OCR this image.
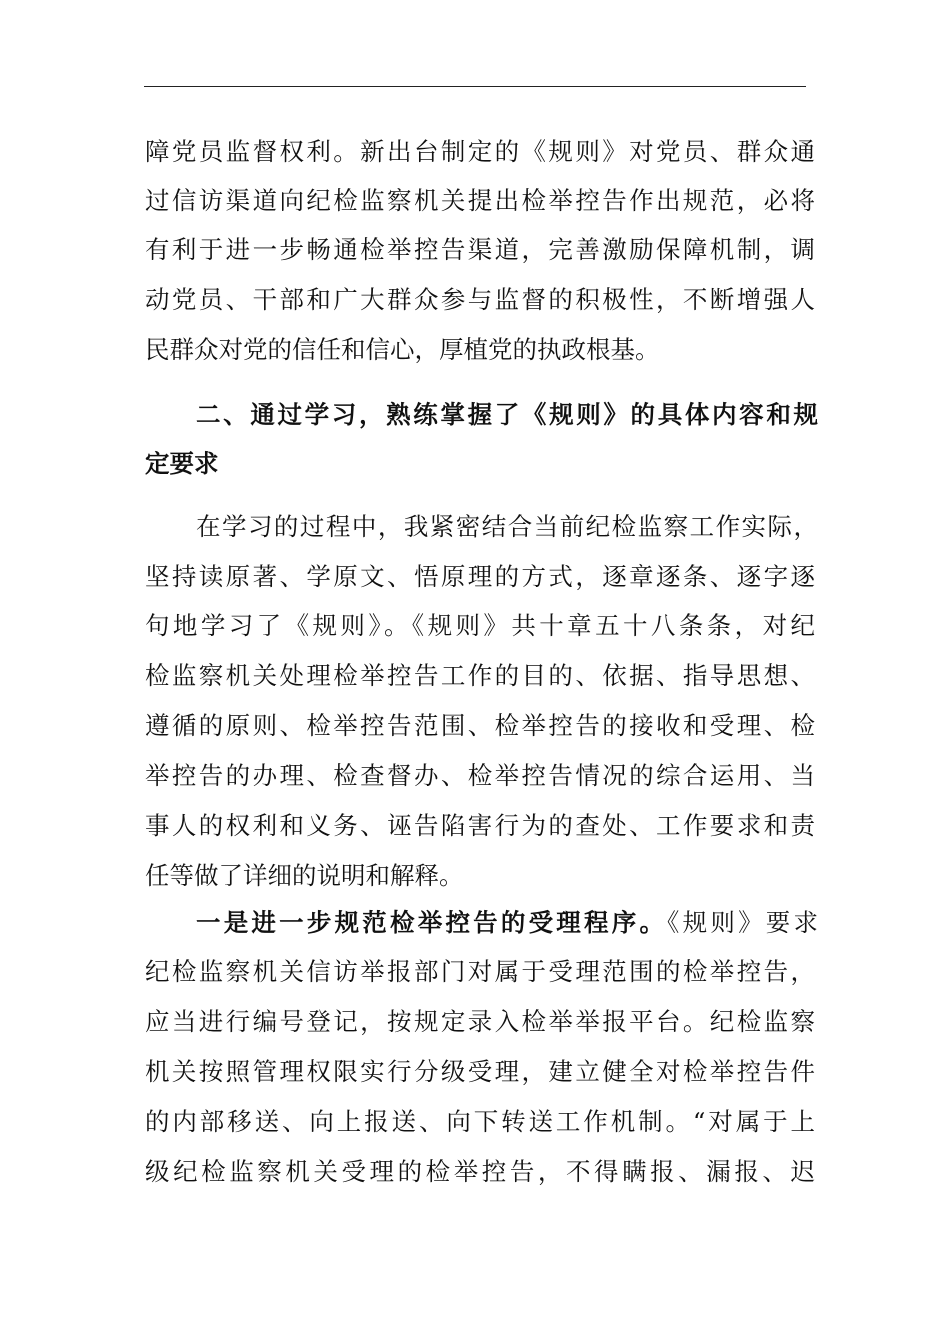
障党员监督权利。新出台制定的《规则》对党员、群众通
过信访渠道向纪检监察机关提出检举控告作出规范，必将
有利于进一步畅通检举控告渠道，完善激励保障机制，调
动党员、干部和广大群众参与监督的积极性，不断增强人
民群众对党的信任和信心，厚植党的执政根基。
二、通过学习，熟练掌握了《规则》的具体内容和规
定要求
在学习的过程中，我紧密结合当前纪检监察工作实际，
坚持读原著、学原文、悟原理的方式，逐章逐条、逐字逐
句地学习了《规则》。《规则》共十章五十八条条，对纪
检监察机关处理检举控告工作的目的、依据、指导思想、
遵循的原则、检举控告范围、检举控告的接收和受理、检
举控告的办理、检查督办、检举控告情况的综合运用、当
事人的权利和义务、诬告陷害行为的查处、工作要求和责
任等做了详细的说明和解释。
一是进一步规范检举控告的受理程序。《规则》要求
纪检监察机关信访举报部门对属于受理范围的检举控告，
应当进行编号登记，按规定录入检举举报平台。纪检监察
机关按照管理权限实行分级受理，建立健全对检举控告件
的内部移送、向上报送、向下转送工作机制。“对属于上
级纪检监察机关受理的检举控告，不得瞒报、漏报、迟
